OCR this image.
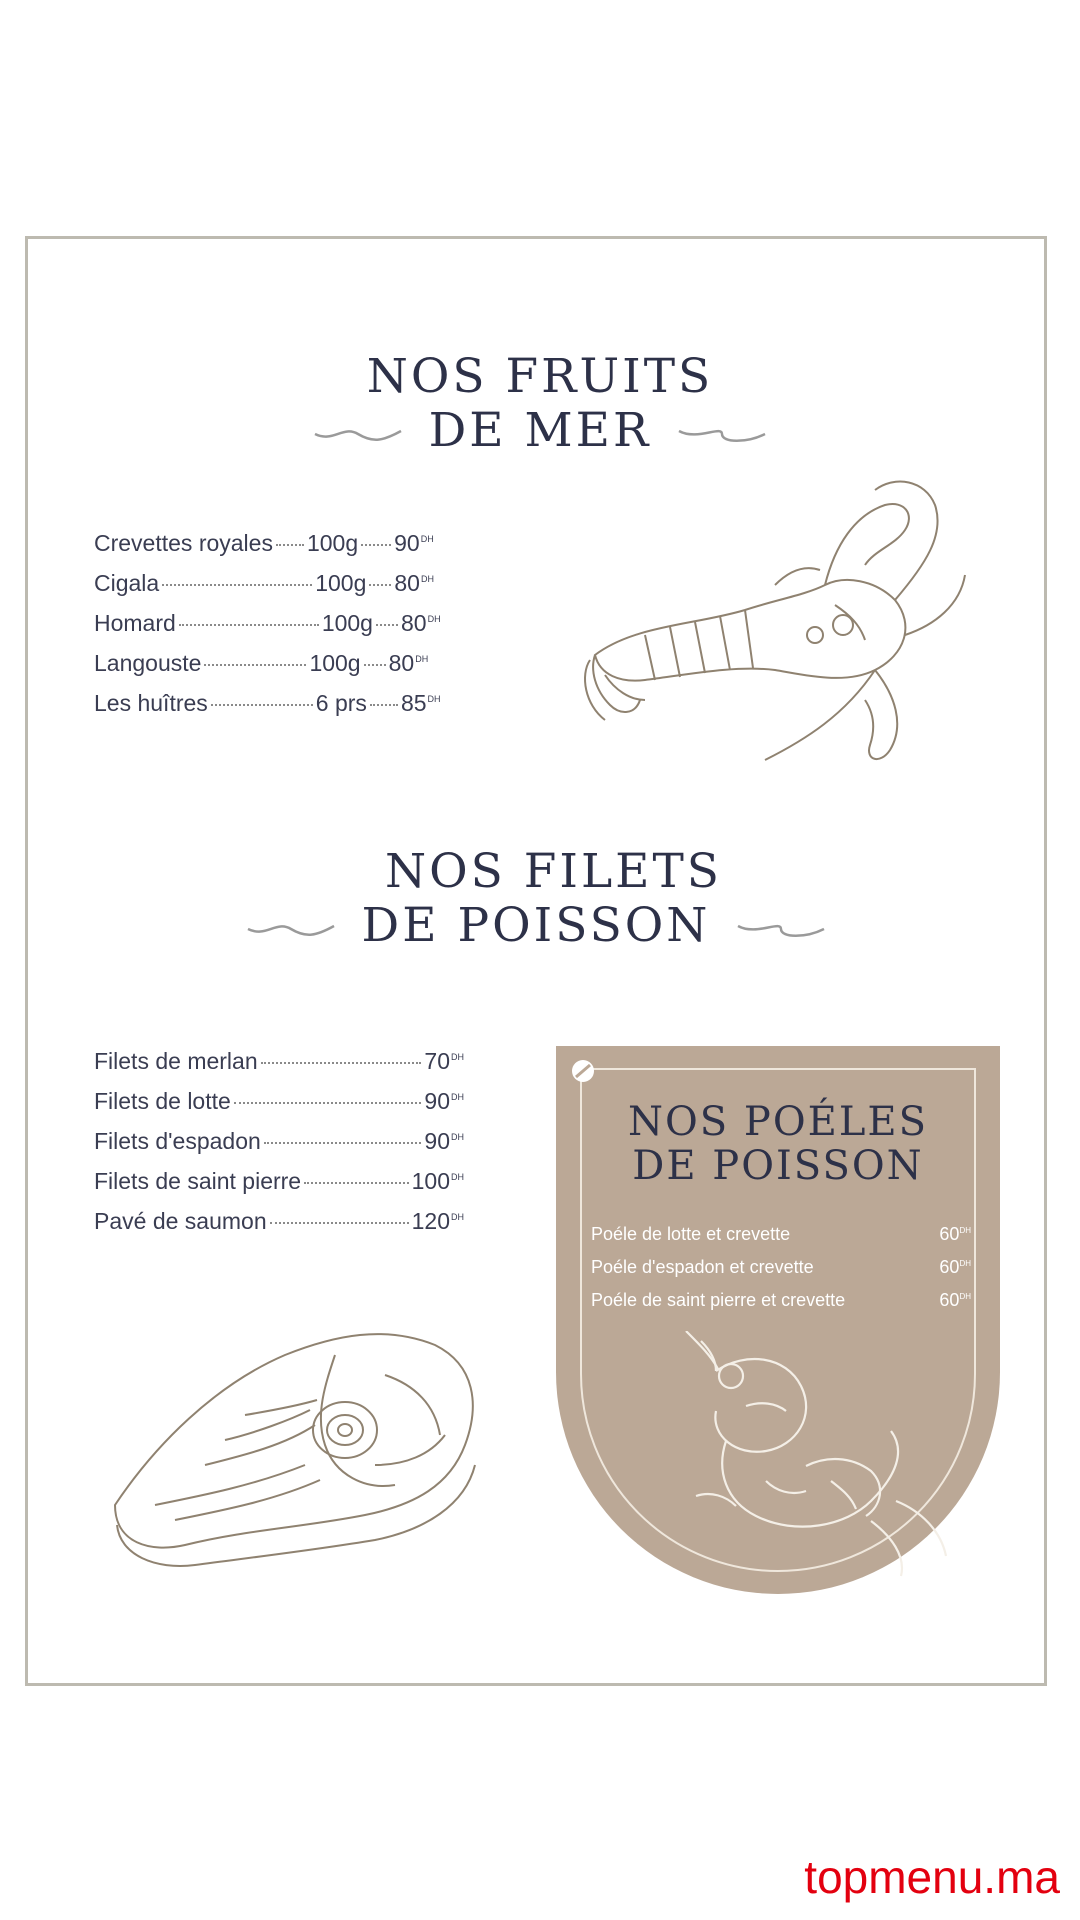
NOS FRUITS
DE MER
Crevettes royales 100g $90^{DH}$
Cigala	100g $80^{DH}$
Homard	100g $80^{DH}$
Langouste	100g $80^{DH}$
Les huîtres	6 prs $85^{DH}$
NOS FILETS
DE POISSON
Filets de merlan	$70^{DH}$
Filets de lotte	$90^{DH}$
Filets d'espadon	$90^{DH}$
Filets de saint pierre	$100^{DH}$
Pavé de saumon	$120^{DH}$
NOS POÉLES
DE POISSON
Poéle de lotte et crevette	$60^{DH}$
Poéle d'espadon et crevette	$60^{DH}$
Poéle de saint pierre et crevette	$60^{DH}$
topmenu.ma
